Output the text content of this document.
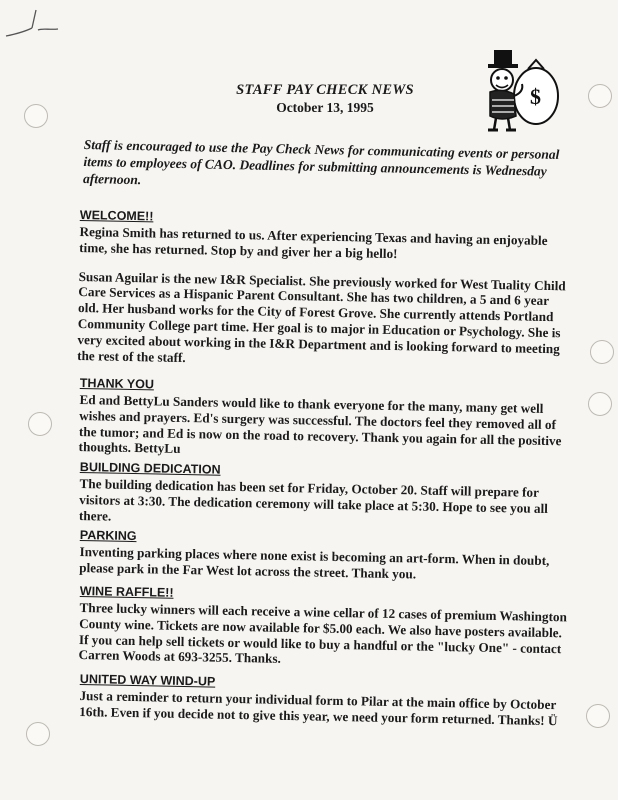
STAFF PAY CHECK NEWS
October 13, 1995	$
Staff is encouraged to use the Pay Check News for communicating events or personal items to employees of CAO. Deadlines for submitting announcements is Wednesday afternoon.
WELCOME!!

Regina Smith has returned to us. After experiencing Texas and having an enjoyable time, she has returned. Stop by and giver her a big hello!

Susan Aguilar is the new I&R Specialist. She previously worked for West Tuality Child Care Services as a Hispanic Parent Consultant. She has two children, a 5 and 6 year old. Her husband works for the City of Forest Grove. She currently attends Portland Community College part time. Her goal is to major in Education or Psychology. She is very excited about working in the I&R Department and is looking forward to meeting the rest of the staff.

THANK YOU

Ed and BettyLu Sanders would like to thank everyone for the many, many get well wishes and prayers. Ed's surgery was successful. The doctors feel they removed all of the tumor; and Ed is now on the road to recovery. Thank you again for all the positive thoughts. BettyLu

BUILDING DEDICATION

The building dedication has been set for Friday, October 20. Staff will prepare for visitors at 3:30. The dedication ceremony will take place at 5:30. Hope to see you all there.

PARKING

Inventing parking places where none exist is becoming an art-form. When in doubt, please park in the Far West lot across the street. Thank you.

WINE RAFFLE!!

Three lucky winners will each receive a wine cellar of 12 cases of premium Washington County wine. Tickets are now available for $5.00 each. We also have posters available. If you can help sell tickets or would like to buy a handful or the "lucky One" - contact Carren Woods at 693-3255. Thanks.

UNITED WAY WIND-UP

Just a reminder to return your individual form to Pilar at the main office by October 16th. Even if you decide not to give this year, we need your form returned. Thanks! Ü
